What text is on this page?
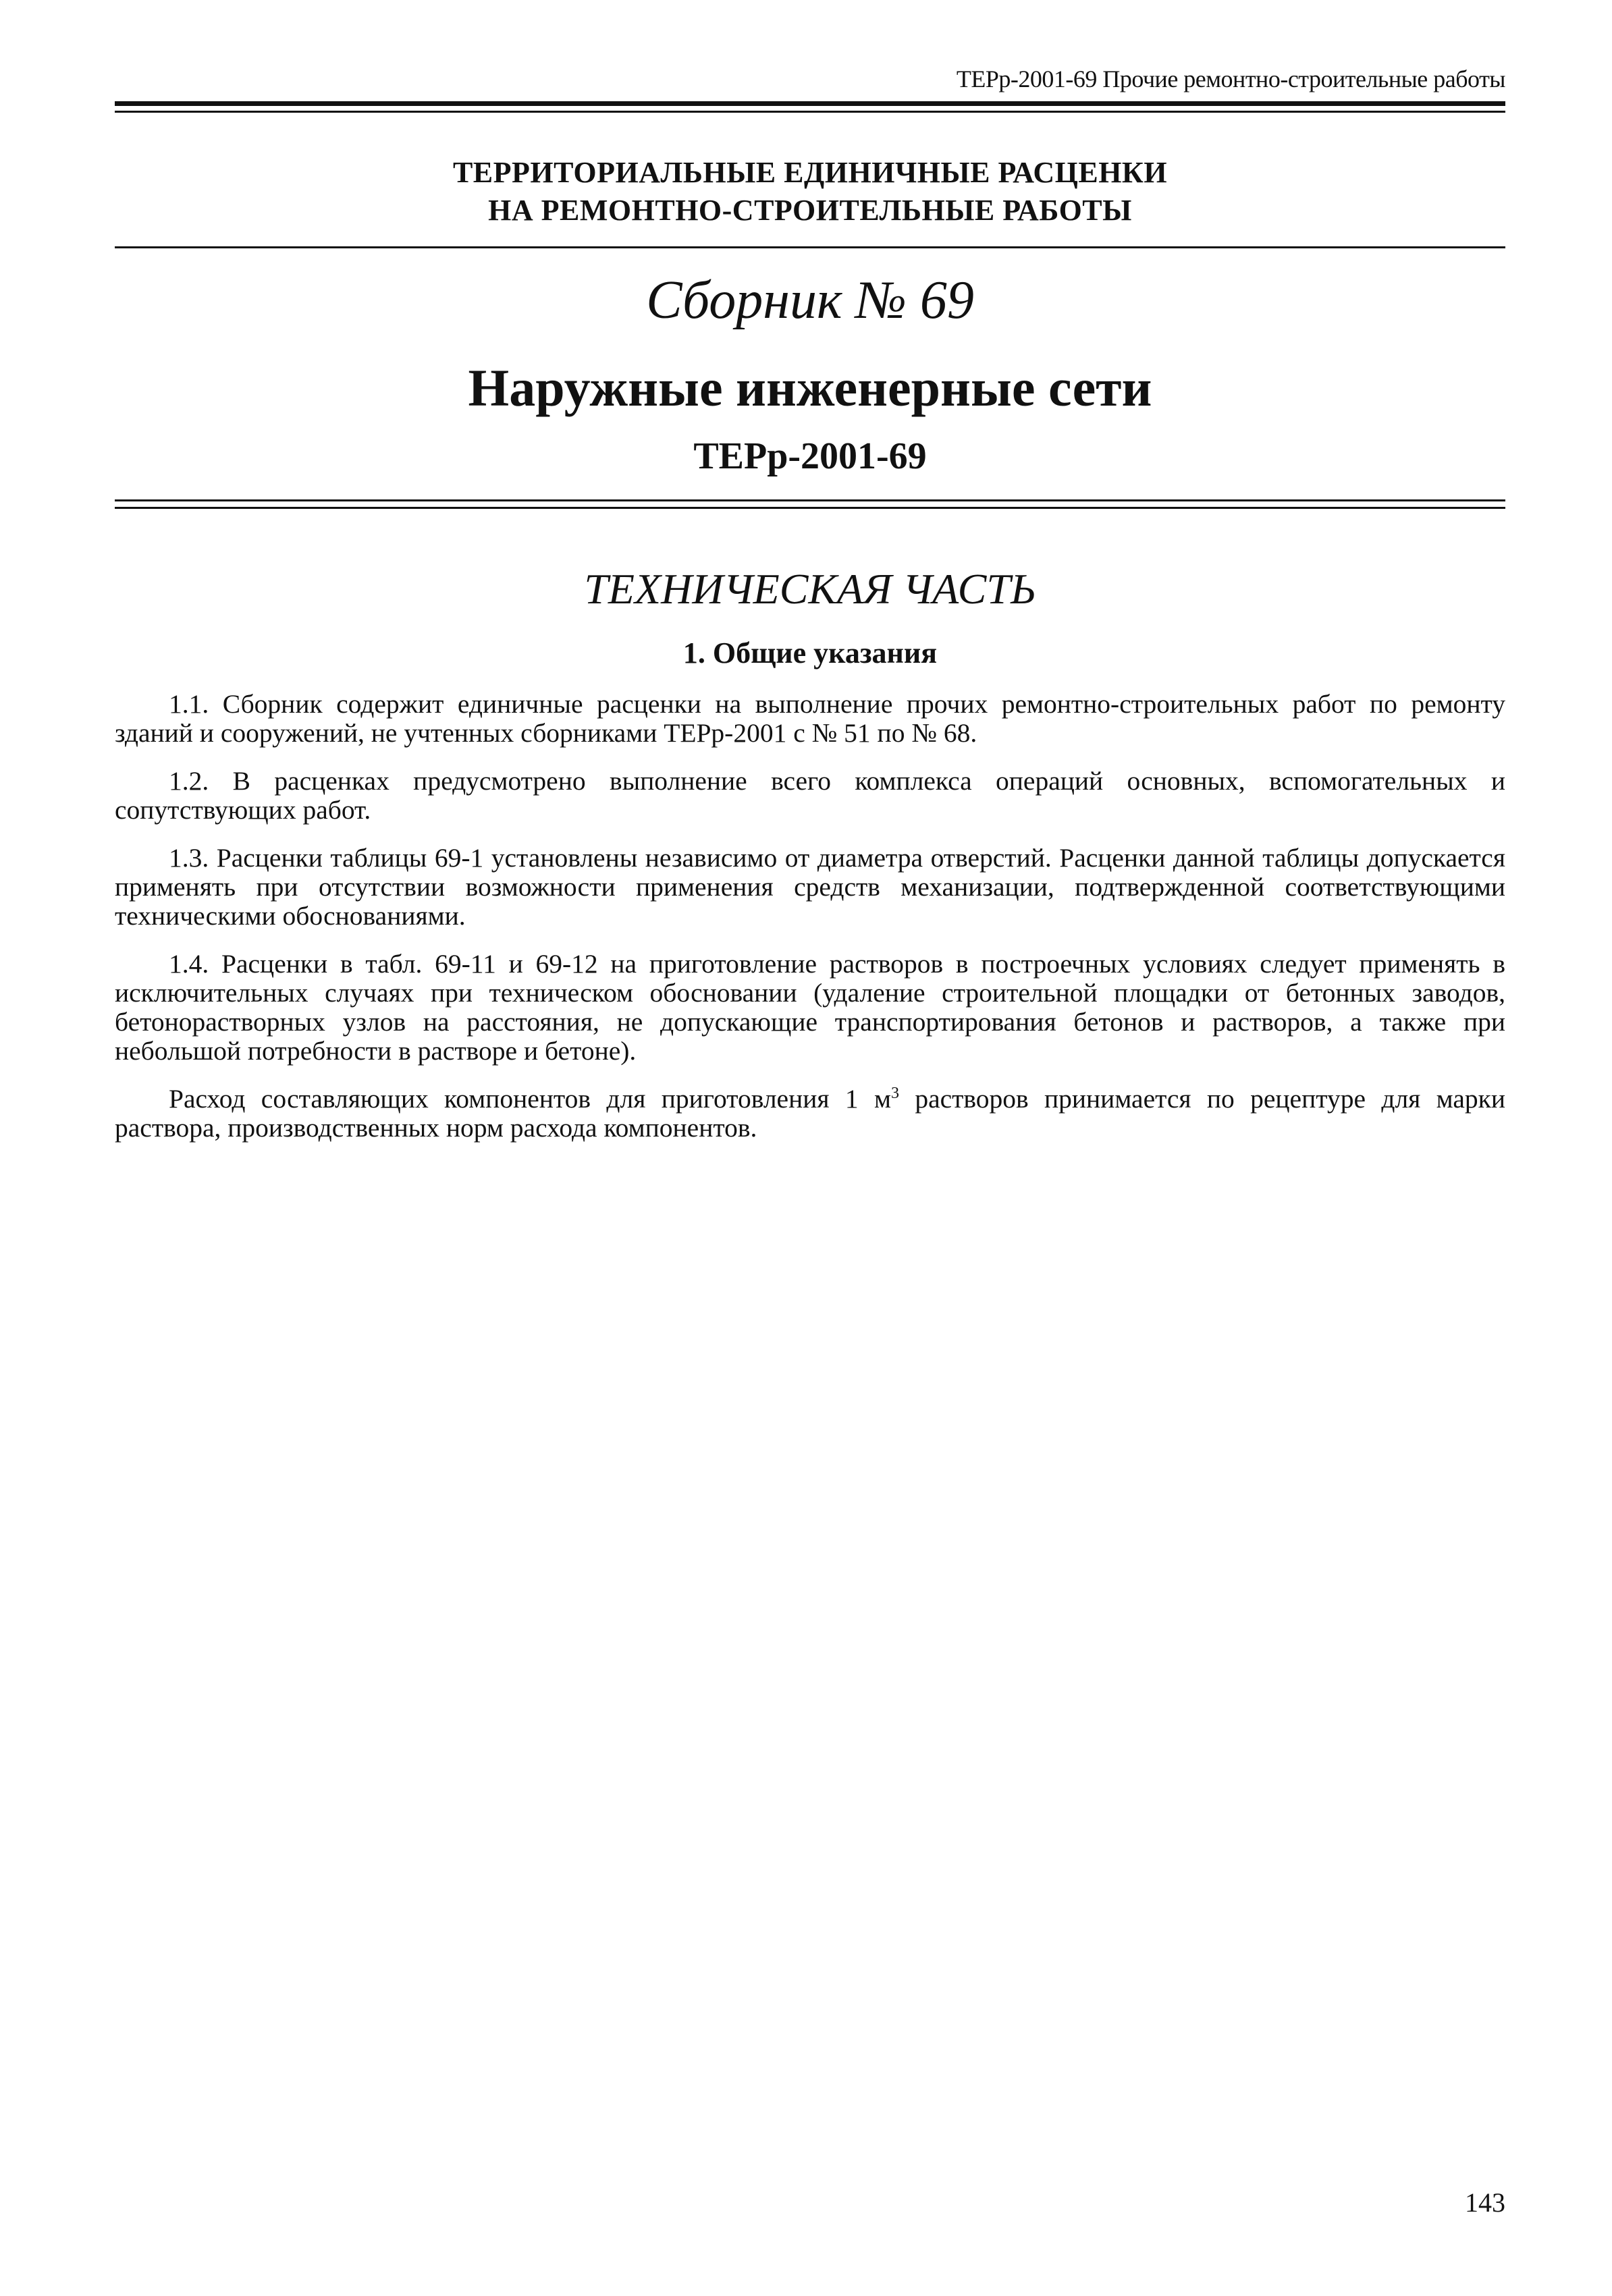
ТЕРр-2001-69 Прочие ремонтно-строительные работы
ТЕРРИТОРИАЛЬНЫЕ ЕДИНИЧНЫЕ РАСЦЕНКИ
НА РЕМОНТНО-СТРОИТЕЛЬНЫЕ РАБОТЫ
Сборник № 69
Наружные инженерные сети
ТЕРр-2001-69
ТЕХНИЧЕСКАЯ ЧАСТЬ
1. Общие указания

1.1. Сборник содержит единичные расценки на выполнение прочих ремонтно-строительных работ по ремонту зданий и сооружений, не учтенных сборниками ТЕРр-2001 с № 51 по № 68.

1.2. В расценках предусмотрено выполнение всего комплекса операций основных, вспомогательных и сопутствующих работ.

1.3. Расценки таблицы 69-1 установлены независимо от диаметра отверстий. Расценки данной таблицы допускается применять при отсутствии возможности применения средств механизации, подтвержденной соответствующими техническими обоснованиями.

1.4. Расценки в табл. 69-11 и 69-12 на приготовление растворов в построечных условиях следует применять в исключительных случаях при техническом обосновании (удаление строительной площадки от бетонных заводов, бетонорастворных узлов на расстояния, не допускающие транспортирования бетонов и растворов, а также при небольшой потребности в растворе и бетоне).

Расход составляющих компонентов для приготовления 1 $м^3$ растворов принимается по рецептуре для марки раствора, производственных норм расхода компонентов.

143
